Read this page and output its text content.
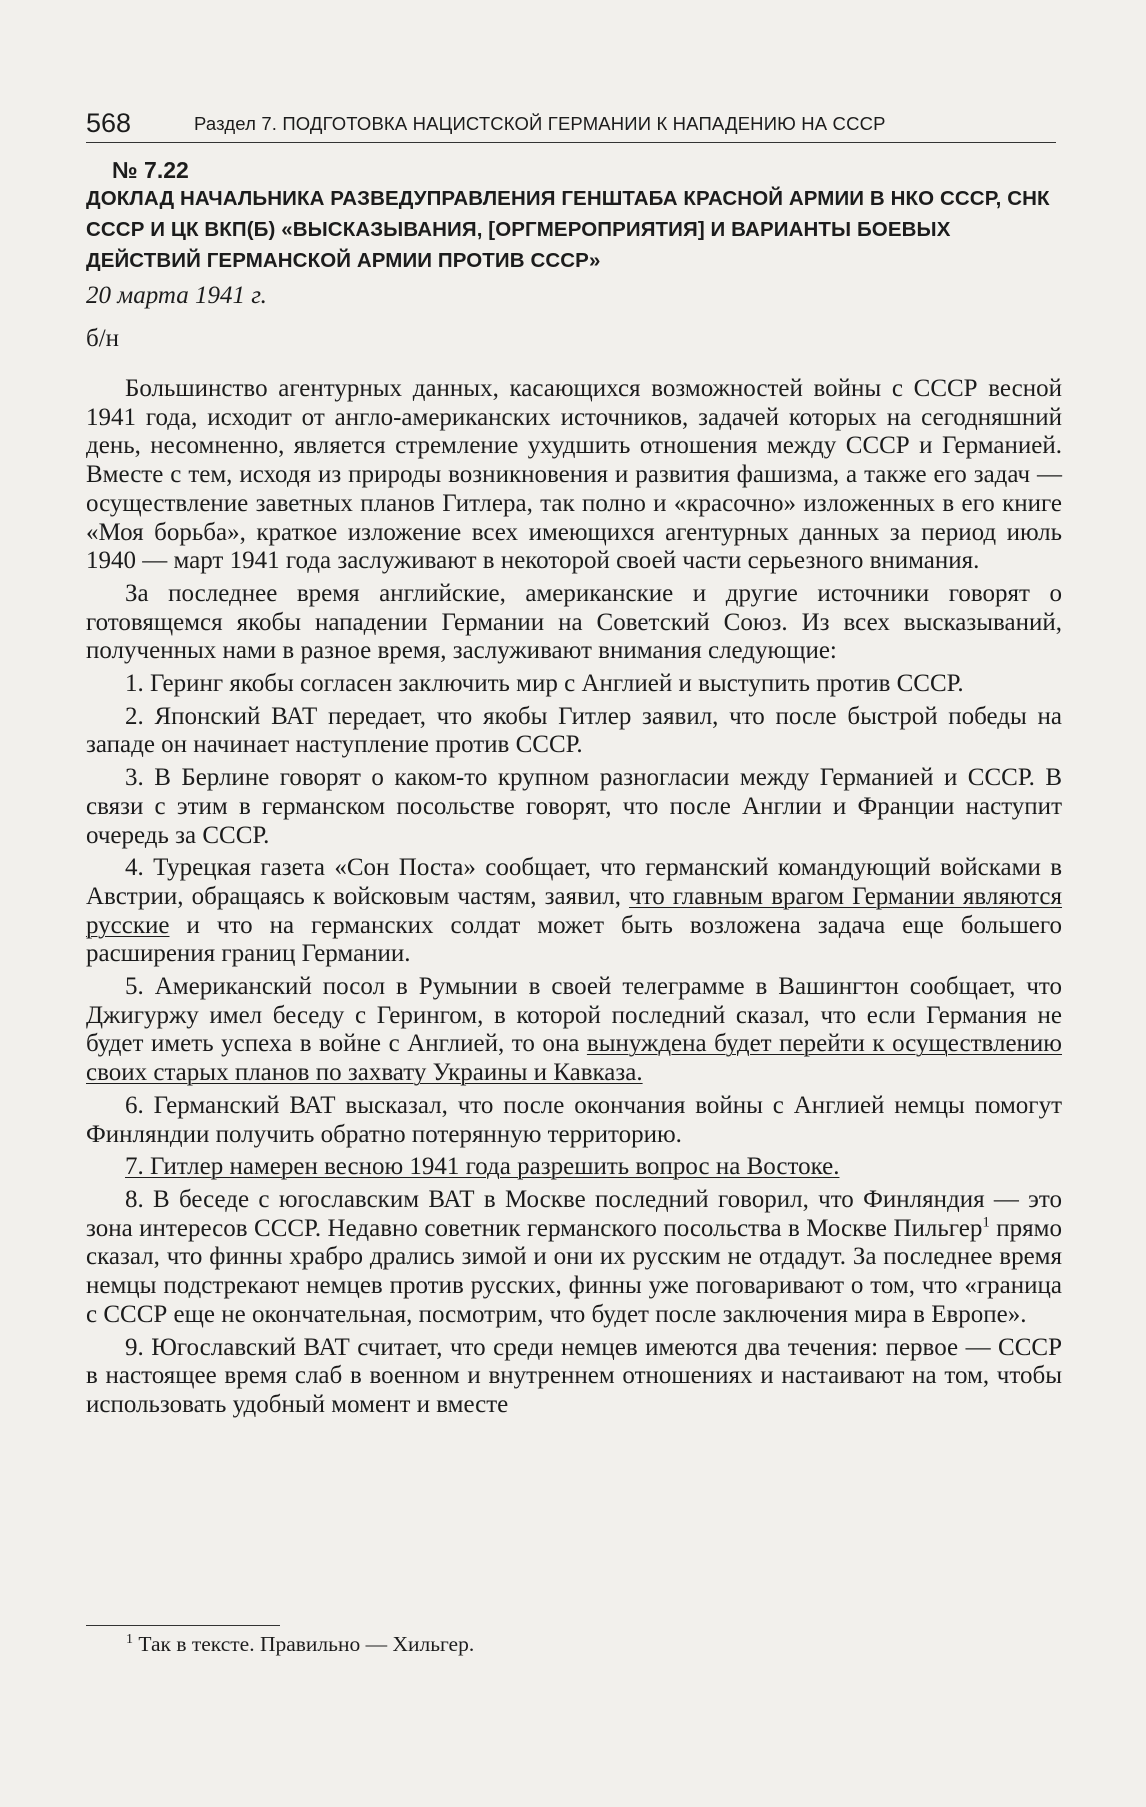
568	Раздел 7. ПОДГОТОВКА НАЦИСТСКОЙ ГЕРМАНИИ К НАПАДЕНИЮ НА СССР
№ 7.22
ДОКЛАД НАЧАЛЬНИКА РАЗВЕДУПРАВЛЕНИЯ ГЕНШТАБА КРАСНОЙ АРМИИ В НКО СССР, СНК СССР И ЦК ВКП(Б) «ВЫСКАЗЫВАНИЯ, [ОРГМЕРОПРИЯТИЯ] И ВАРИАНТЫ БОЕВЫХ ДЕЙСТВИЙ ГЕРМАНСКОЙ АРМИИ ПРОТИВ СССР»
20 марта 1941 г.
б/н

Большинство агентурных данных, касающихся возможностей войны с СССР весной 1941 года, исходит от англо-американских источников, задачей которых на сегодняшний день, несомненно, является стремление ухудшить отношения между СССР и Германией. Вместе с тем, исходя из природы возникновения и развития фашизма, а также его задач — осуществление заветных планов Гитлера, так полно и «красочно» изложенных в его книге «Моя борьба», краткое изложение всех имеющихся агентурных данных за период июль 1940 — март 1941 года заслуживают в некоторой своей части серьезного внимания.

За последнее время английские, американские и другие источники говорят о готовящемся якобы нападении Германии на Советский Союз. Из всех высказываний, полученных нами в разное время, заслуживают внимания следующие:

1. Геринг якобы согласен заключить мир с Англией и выступить против СССР.

2. Японский ВАТ передает, что якобы Гитлер заявил, что после быстрой победы на западе он начинает наступление против СССР.

3. В Берлине говорят о каком-то крупном разногласии между Германией и СССР. В связи с этим в германском посольстве говорят, что после Англии и Франции наступит очередь за СССР.

4. Турецкая газета «Сон Поста» сообщает, что германский командующий войсками в Австрии, обращаясь к войсковым частям, заявил, что главным врагом Германии являются русские и что на германских солдат может быть возложена задача еще большего расширения границ Германии.

5. Американский посол в Румынии в своей телеграмме в Вашингтон сообщает, что Джигуржу имел беседу с Герингом, в которой последний сказал, что если Германия не будет иметь успеха в войне с Англией, то она вынуждена будет перейти к осуществлению своих старых планов по захвату Украины и Кавказа.

6. Германский ВАТ высказал, что после окончания войны с Англией немцы помогут Финляндии получить обратно потерянную территорию.

7. Гитлер намерен весною 1941 года разрешить вопрос на Востоке.

8. В беседе с югославским ВАТ в Москве последний говорил, что Финляндия — это зона интересов СССР. Недавно советник германского посольства в Москве Пильгер$^1$ прямо сказал, что финны храбро дрались зимой и они их русским не отдадут. За последнее время немцы подстрекают немцев против русских, финны уже поговаривают о том, что «граница с СССР еще не окончательная, посмотрим, что будет после заключения мира в Европе».

9. Югославский ВАТ считает, что среди немцев имеются два течения: первое — СССР в настоящее время слаб в военном и внутреннем отношениях и настаивают на том, чтобы использовать удобный момент и вместе

$^1$ Так в тексте. Правильно — Хильгер.
